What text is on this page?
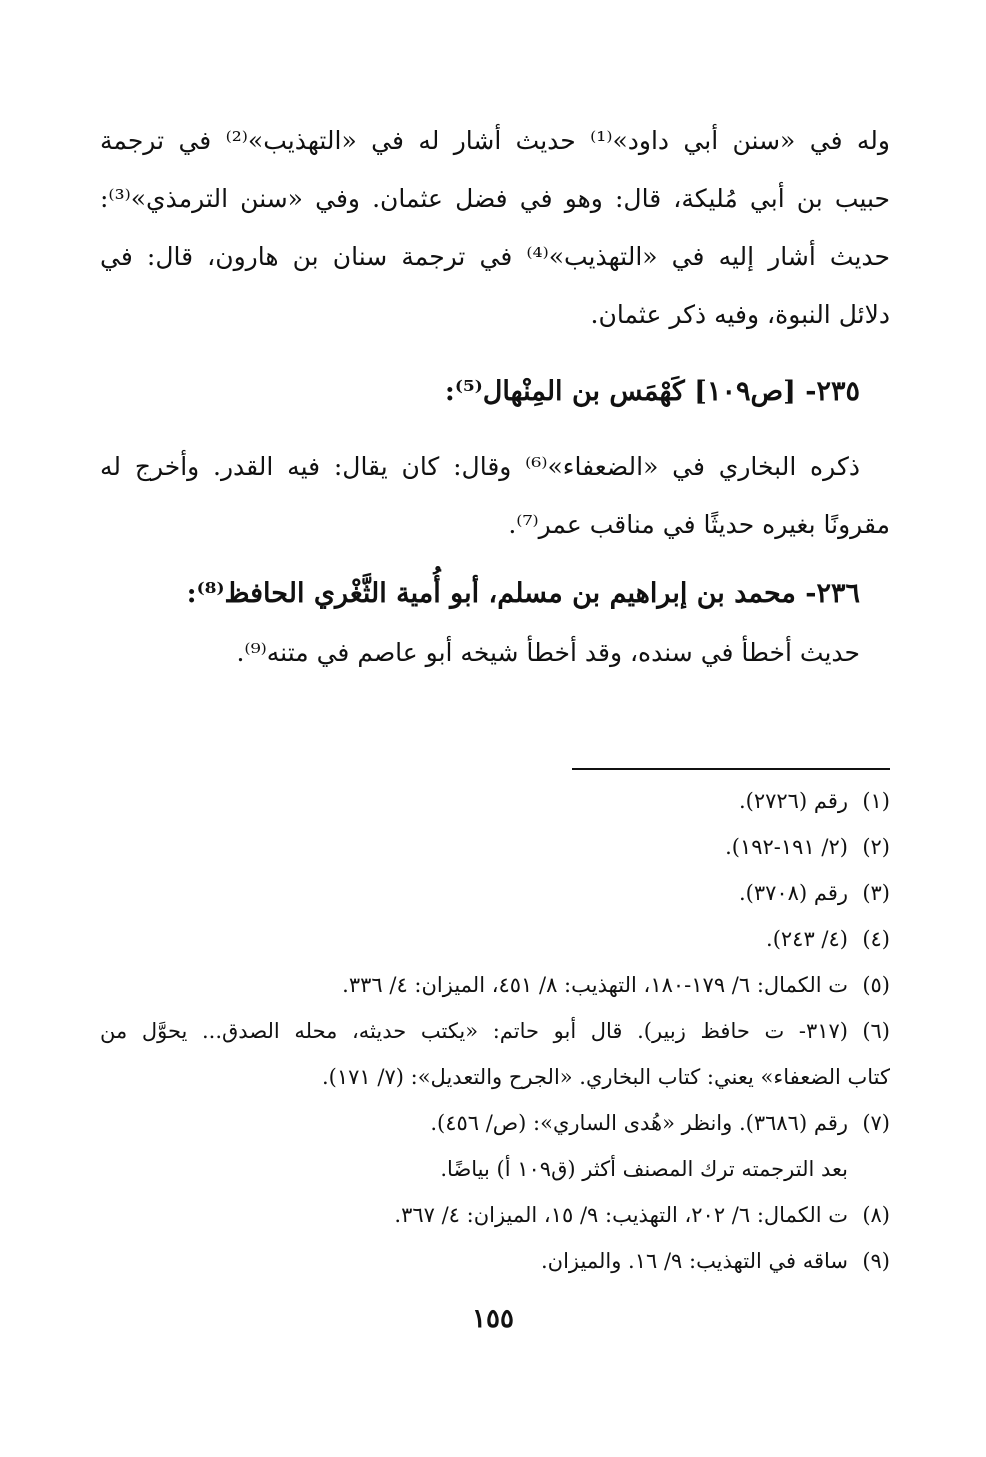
وله في «سنن أبي داود»⁽¹⁾ حديث أشار له في «التهذيب»⁽²⁾ في ترجمة
حبيب بن أبي مُليكة، قال: وهو في فضل عثمان. وفي «سنن الترمذي»⁽³⁾:
حديث أشار إليه في «التهذيب»⁽⁴⁾ في ترجمة سنان بن هارون، قال: في
دلائل النبوة، وفيه ذكر عثمان.
٢٣٥- [ص١٠٩] كَهْمَس بن المِنْهال⁽⁵⁾:
ذكره البخاري في «الضعفاء»⁽⁶⁾ وقال: كان يقال: فيه القدر. وأخرج له
مقرونًا بغيره حديثًا في مناقب عمر⁽⁷⁾.
٢٣٦- محمد بن إبراهيم بن مسلم، أبو أُمية الثَّغْري الحافظ⁽⁸⁾:
حديث أخطأ في سنده، وقد أخطأ شيخه أبو عاصم في متنه⁽⁹⁾.
(١)
رقم (٢٧٢٦).
(٢)
(٢/ ١٩١-١٩٢).
(٣)
رقم (٣٧٠٨).
(٤)
(٤/ ٢٤٣).
(٥)
ت الكمال: ٦/ ١٧٩-١٨٠، التهذيب: ٨/ ٤٥١، الميزان: ٤/ ٣٣٦.
(٦)
(٣١٧- ت حافظ زبير). قال أبو حاتم: «يكتب حديثه، محله الصدق... يحوَّل من
كتاب الضعفاء» يعني: كتاب البخاري. «الجرح والتعديل»: (٧/ ١٧١).
(٧)
رقم (٣٦٨٦). وانظر «هُدى الساري»: (ص/ ٤٥٦).
بعد الترجمته ترك المصنف أكثر (ق١٠٩ أ) بياضًا.
(٨)
ت الكمال: ٦/ ٢٠٢، التهذيب: ٩/ ١٥، الميزان: ٤/ ٣٦٧.
(٩)
ساقه في التهذيب: ٩/ ١٦. والميزان.
١٥٥
